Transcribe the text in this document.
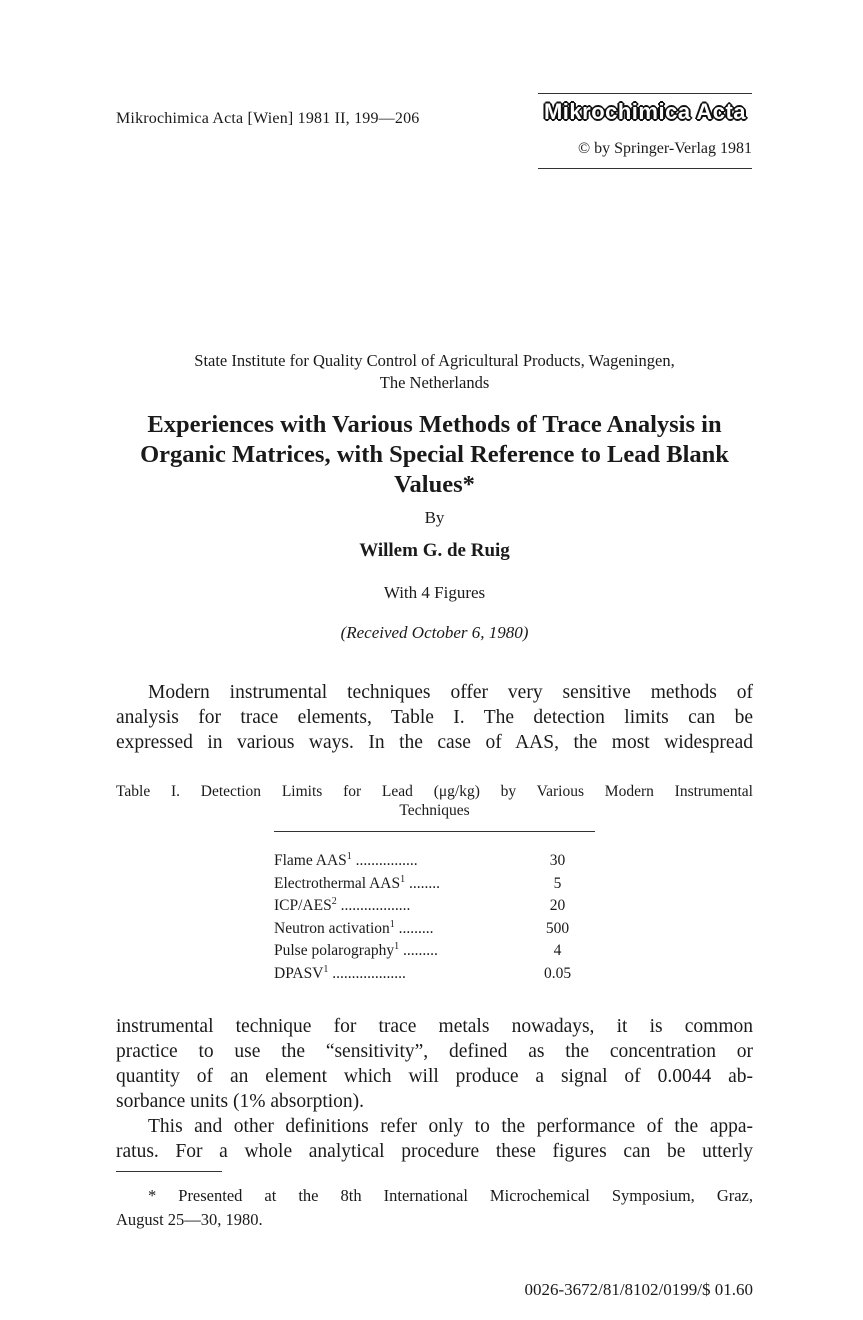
Mikrochimica Acta [Wien] 1981 II, 199—206	Mikrochimica Acta
© by Springer-Verlag 1981
State Institute for Quality Control of Agricultural Products, Wageningen,
The Netherlands
Experiences with Various Methods of Trace Analysis in
Organic Matrices, with Special Reference to Lead Blank
Values*
By
Willem G. de Ruig
With 4 Figures
(Received October 6, 1980)
Modern instrumental techniques offer very sensitive methods of
analysis for trace elements, Table I. The detection limits can be
expressed in various ways. In the case of AAS, the most widespread
Table I. Detection Limits for Lead (μg/kg) by Various Modern Instrumental
Techniques
Flame AAS$^1$ ................	30
Electrothermal AAS$^1$ ........	5
ICP/AES$^2$ ..................	20
Neutron activation$^1$ .........	500
Pulse polarography$^1$ .........	4
DPASV$^1$ ...................	0.05
instrumental technique for trace metals nowadays, it is common
practice to use the “sensitivity”, defined as the concentration or
quantity of an element which will produce a signal of 0.0044 ab-
sorbance units (1% absorption).
This and other definitions refer only to the performance of the appa-
ratus. For a whole analytical procedure these figures can be utterly
* Presented at the 8th International Microchemical Symposium, Graz,
August 25—30, 1980.
0026-3672/81/8102/0199/$ 01.60
